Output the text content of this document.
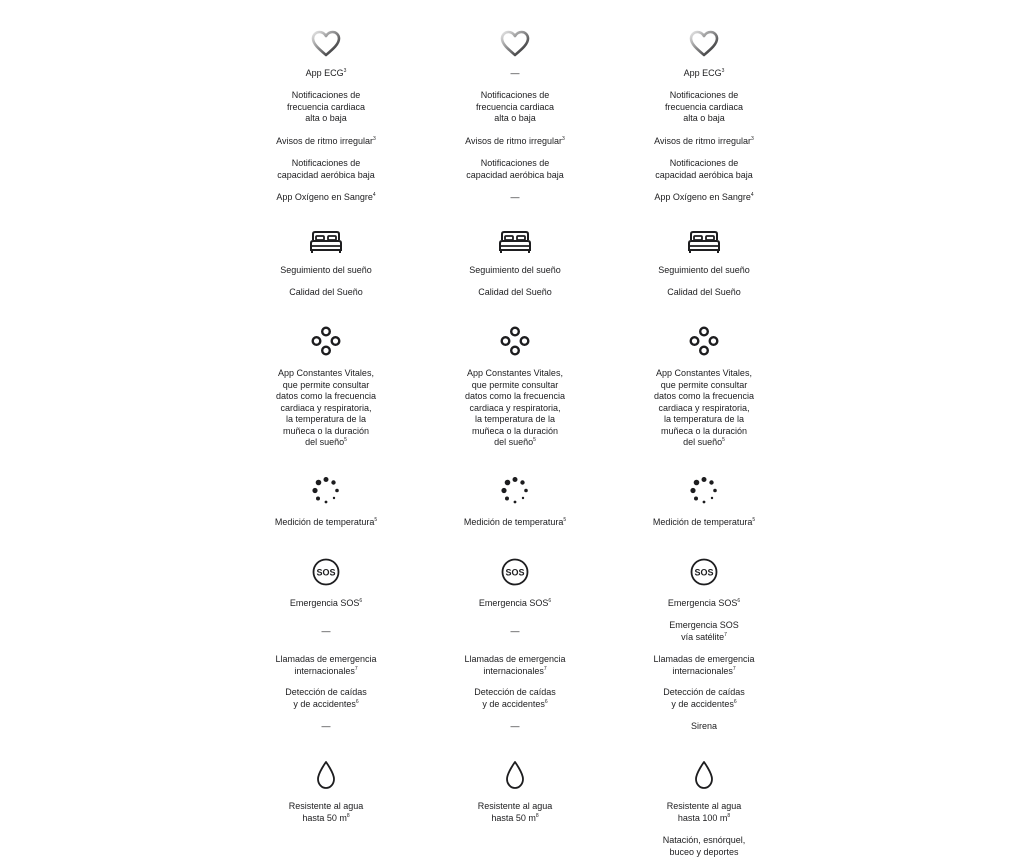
App ECG$^3$
Notificaciones de
frecuencia cardiaca
alta o baja
Avisos de ritmo irregular$^3$
Notificaciones de
capacidad aeróbica baja
App Oxígeno en Sangre$^4$
Seguimiento del sueño
Calidad del Sueño
App Constantes Vitales,
que permite consultar
datos como la frecuencia
cardiaca y respiratoria,
la temperatura de la
muñeca o la duración
del sueño$^5$
Medición de temperatura$^5$
SOS
Emergencia SOS$^6$
—
Llamadas de emergencia
internacionales$^7$
Detección de caídas
y de accidentes$^6$
—
Resistente al agua
hasta 50 $m^8$
—
Notificaciones de
frecuencia cardiaca
alta o baja
Avisos de ritmo irregular$^3$
Notificaciones de
capacidad aeróbica baja
—
Seguimiento del sueño
Calidad del Sueño
App Constantes Vitales,
que permite consultar
datos como la frecuencia
cardiaca y respiratoria,
la temperatura de la
muñeca o la duración
del sueño$^5$
Medición de temperatura$^5$
SOS
Emergencia SOS$^6$
—
Llamadas de emergencia
internacionales$^7$
Detección de caídas
y de accidentes$^6$
—
Resistente al agua
hasta 50 $m^8$
App ECG$^3$
Notificaciones de
frecuencia cardiaca
alta o baja
Avisos de ritmo irregular$^3$
Notificaciones de
capacidad aeróbica baja
App Oxígeno en Sangre$^4$
Seguimiento del sueño
Calidad del Sueño
App Constantes Vitales,
que permite consultar
datos como la frecuencia
cardiaca y respiratoria,
la temperatura de la
muñeca o la duración
del sueño$^5$
Medición de temperatura$^5$
SOS
Emergencia SOS$^6$
Emergencia SOS
vía satélite$^7$
Llamadas de emergencia
internacionales$^7$
Detección de caídas
y de accidentes$^6$
Sirena
Resistente al agua
hasta 100 $m^8$
Natación, esnórquel,
buceo y deportes
